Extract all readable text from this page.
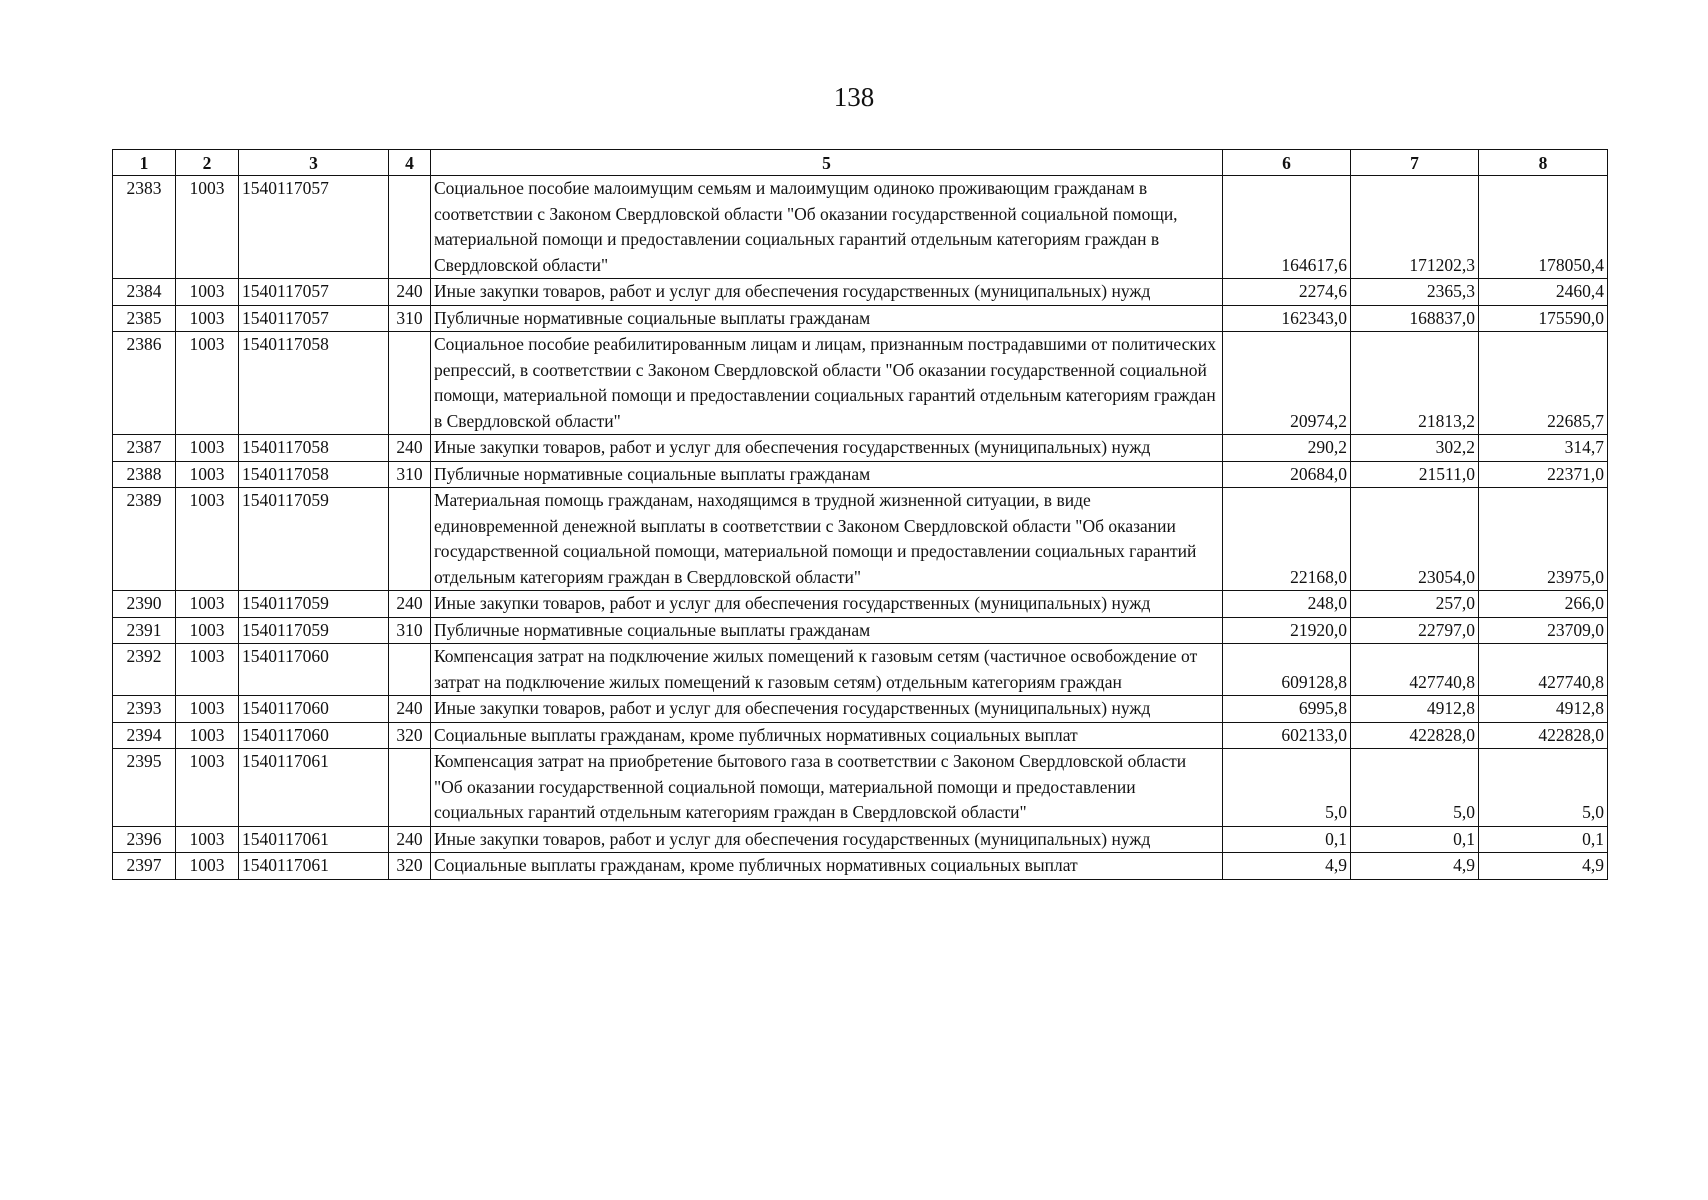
138
1	2	3	4	5	6	7	8
2383	1003	1540117057		Социальное пособие малоимущим семьям и малоимущим одиноко проживающим гражданам в соответствии с Законом Свердловской области "Об оказании государственной социальной помощи, материальной помощи и предоставлении социальных гарантий отдельным категориям граждан в Свердловской области"	164617,6	171202,3	178050,4
2384	1003	1540117057	240	Иные закупки товаров, работ и услуг для обеспечения государственных (муниципальных) нужд	2274,6	2365,3	2460,4
2385	1003	1540117057	310	Публичные нормативные социальные выплаты гражданам	162343,0	168837,0	175590,0
2386	1003	1540117058		Социальное пособие реабилитированным лицам и лицам, признанным пострадавшими от политических репрессий, в соответствии с Законом Свердловской области "Об оказании государственной социальной помощи, материальной помощи и предоставлении социальных гарантий отдельным категориям граждан в Свердловской области"	20974,2	21813,2	22685,7
2387	1003	1540117058	240	Иные закупки товаров, работ и услуг для обеспечения государственных (муниципальных) нужд	290,2	302,2	314,7
2388	1003	1540117058	310	Публичные нормативные социальные выплаты гражданам	20684,0	21511,0	22371,0
2389	1003	1540117059		Материальная помощь гражданам, находящимся в трудной жизненной ситуации, в виде единовременной денежной выплаты в соответствии с Законом Свердловской области "Об оказании государственной социальной помощи, материальной помощи и предоставлении социальных гарантий отдельным категориям граждан в Свердловской области"	22168,0	23054,0	23975,0
2390	1003	1540117059	240	Иные закупки товаров, работ и услуг для обеспечения государственных (муниципальных) нужд	248,0	257,0	266,0
2391	1003	1540117059	310	Публичные нормативные социальные выплаты гражданам	21920,0	22797,0	23709,0
2392	1003	1540117060		Компенсация затрат на подключение жилых помещений к газовым сетям (частичное освобождение от затрат на подключение жилых помещений к газовым сетям) отдельным категориям граждан	609128,8	427740,8	427740,8
2393	1003	1540117060	240	Иные закупки товаров, работ и услуг для обеспечения государственных (муниципальных) нужд	6995,8	4912,8	4912,8
2394	1003	1540117060	320	Социальные выплаты гражданам, кроме публичных нормативных социальных выплат	602133,0	422828,0	422828,0
2395	1003	1540117061		Компенсация затрат на приобретение бытового газа в соответствии с Законом Свердловской области "Об оказании государственной социальной помощи, материальной помощи и предоставлении социальных гарантий отдельным категориям граждан в Свердловской области"	5,0	5,0	5,0
2396	1003	1540117061	240	Иные закупки товаров, работ и услуг для обеспечения государственных (муниципальных) нужд	0,1	0,1	0,1
2397	1003	1540117061	320	Социальные выплаты гражданам, кроме публичных нормативных социальных выплат	4,9	4,9	4,9
